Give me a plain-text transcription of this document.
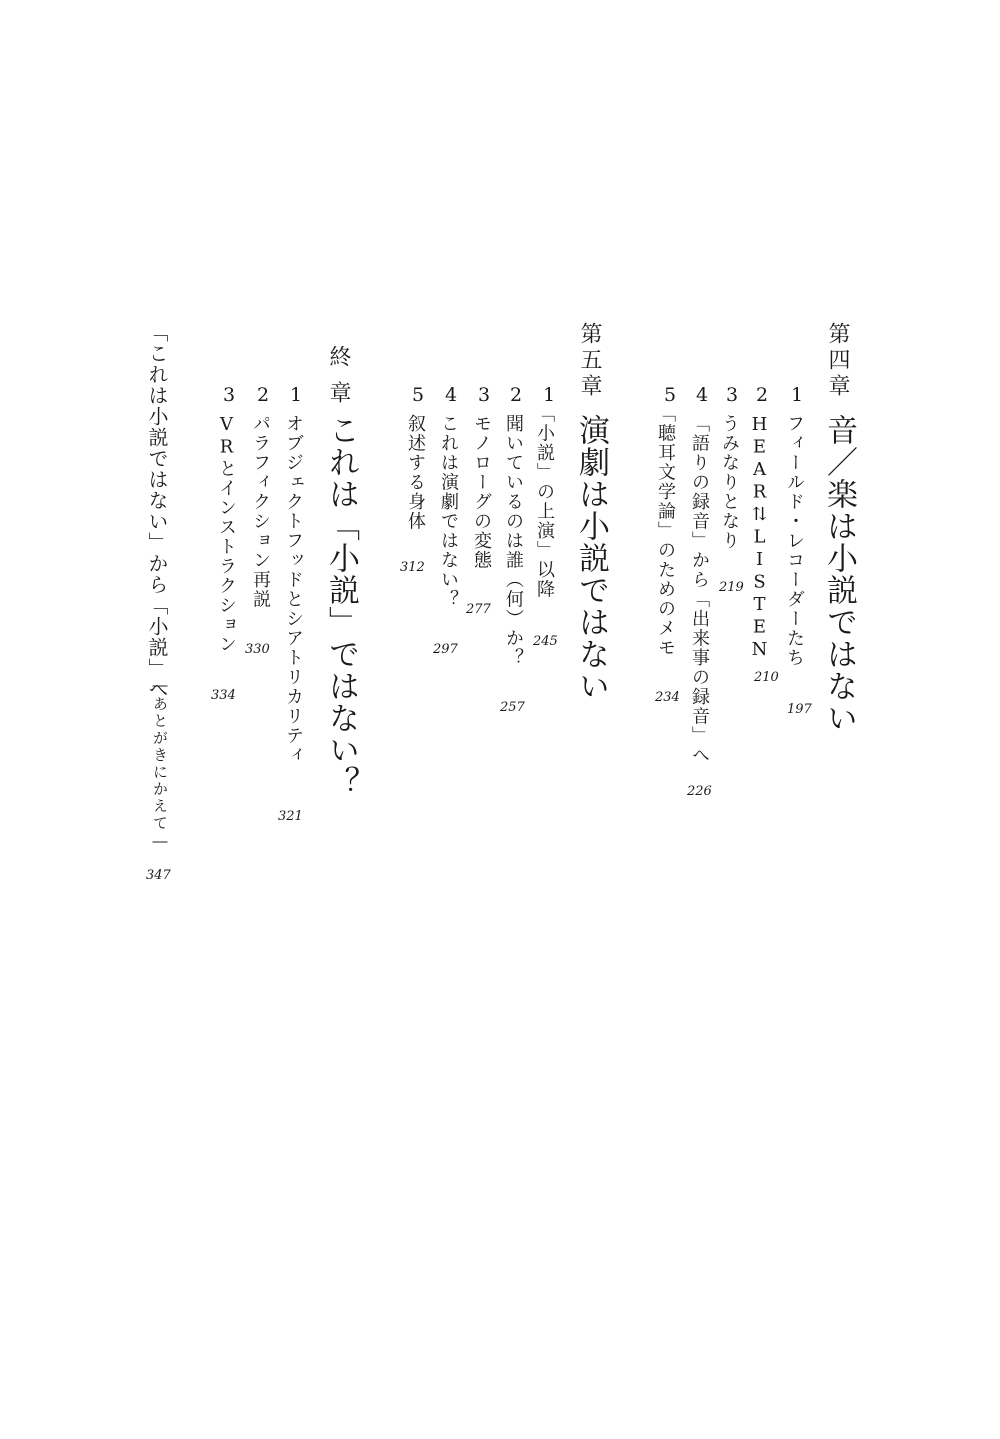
第四章
音／楽は小説ではない
1
フィールド・レコーダーたち
197
2
HEAR⇅LISTEN
210
3
うみなりとなり
219
4
「語りの録音」から「出来事の録音」へ
226
5
「聴耳文学論」のためのメモ
234
第五章
演劇は小説ではない
1
「小説」の上演」以降
245
2
聞いているのは誰（何）か？
257
3
モノローグの変態
277
4
これは演劇ではない？
297
5
叙述する身体
312
終章
これは「小説」ではない？
1
オブジェクトフッドとシアトリカリティ
321
2
パラフィクション再説
330
3
VRとインストラクション
334
「これは小説ではない」から「小説」へ
―あとがきにかえて―
347
